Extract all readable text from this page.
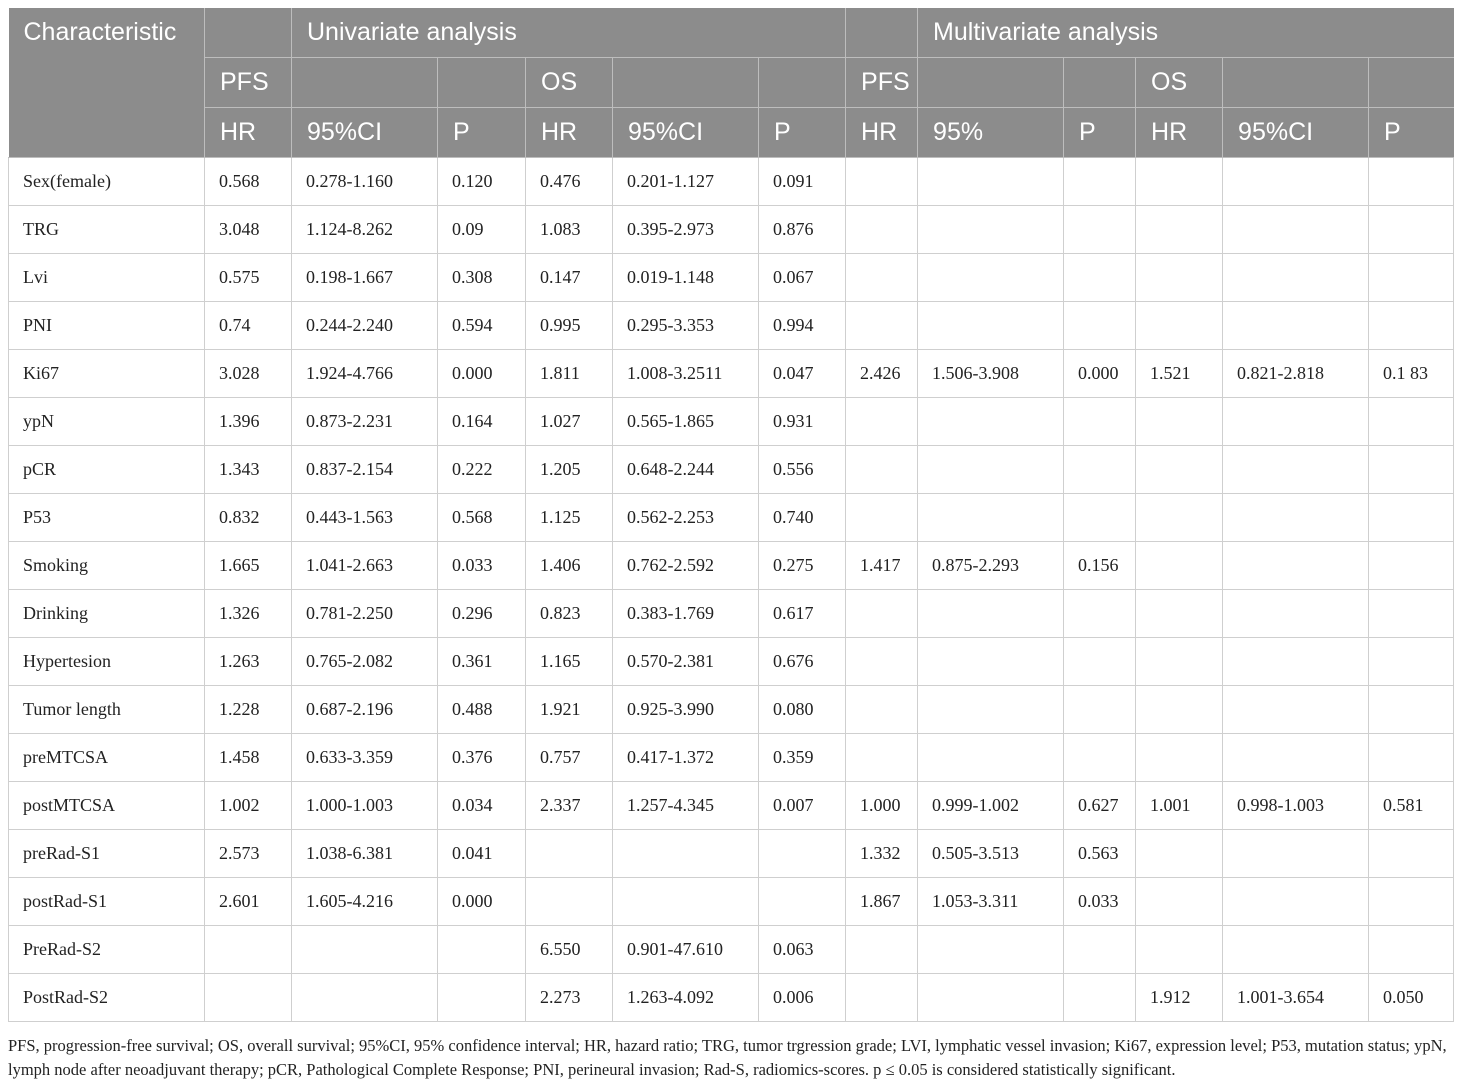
Characteristic		Univariate analysis						Multivariate analysis				
	PFS			OS			PFS			OS		
	HR	95%CI	P	HR	95%CI	P	HR	95%	P	HR	95%CI	P
Sex(female)	0.568	0.278-1.160	0.120	0.476	0.201-1.127	0.091						
TRG	3.048	1.124-8.262	0.09	1.083	0.395-2.973	0.876						
Lvi	0.575	0.198-1.667	0.308	0.147	0.019-1.148	0.067						
PNI	0.74	0.244-2.240	0.594	0.995	0.295-3.353	0.994						
Ki67	3.028	1.924-4.766	0.000	1.811	1.008-3.2511	0.047	2.426	1.506-3.908	0.000	1.521	0.821-2.818	0.1 83
ypN	1.396	0.873-2.231	0.164	1.027	0.565-1.865	0.931						
pCR	1.343	0.837-2.154	0.222	1.205	0.648-2.244	0.556						
P53	0.832	0.443-1.563	0.568	1.125	0.562-2.253	0.740						
Smoking	1.665	1.041-2.663	0.033	1.406	0.762-2.592	0.275	1.417	0.875-2.293	0.156			
Drinking	1.326	0.781-2.250	0.296	0.823	0.383-1.769	0.617						
Hypertesion	1.263	0.765-2.082	0.361	1.165	0.570-2.381	0.676						
Tumor length	1.228	0.687-2.196	0.488	1.921	0.925-3.990	0.080						
preMTCSA	1.458	0.633-3.359	0.376	0.757	0.417-1.372	0.359						
postMTCSA	1.002	1.000-1.003	0.034	2.337	1.257-4.345	0.007	1.000	0.999-1.002	0.627	1.001	0.998-1.003	0.581
preRad-S1	2.573	1.038-6.381	0.041				1.332	0.505-3.513	0.563			
postRad-S1	2.601	1.605-4.216	0.000				1.867	1.053-3.311	0.033			
PreRad-S2				6.550	0.901-47.610	0.063						
PostRad-S2				2.273	1.263-4.092	0.006				1.912	1.001-3.654	0.050
PFS, progression-free survival; OS, overall survival; 95%CI, 95% confidence interval; HR, hazard ratio; TRG, tumor trgression grade; LVI, lymphatic vessel invasion; Ki67, expression level; P53, mutation status; ypN, lymph node after neoadjuvant therapy; pCR, Pathological Complete Response; PNI, perineural invasion; Rad-S, radiomics-scores. p ≤ 0.05 is considered statistically significant.
